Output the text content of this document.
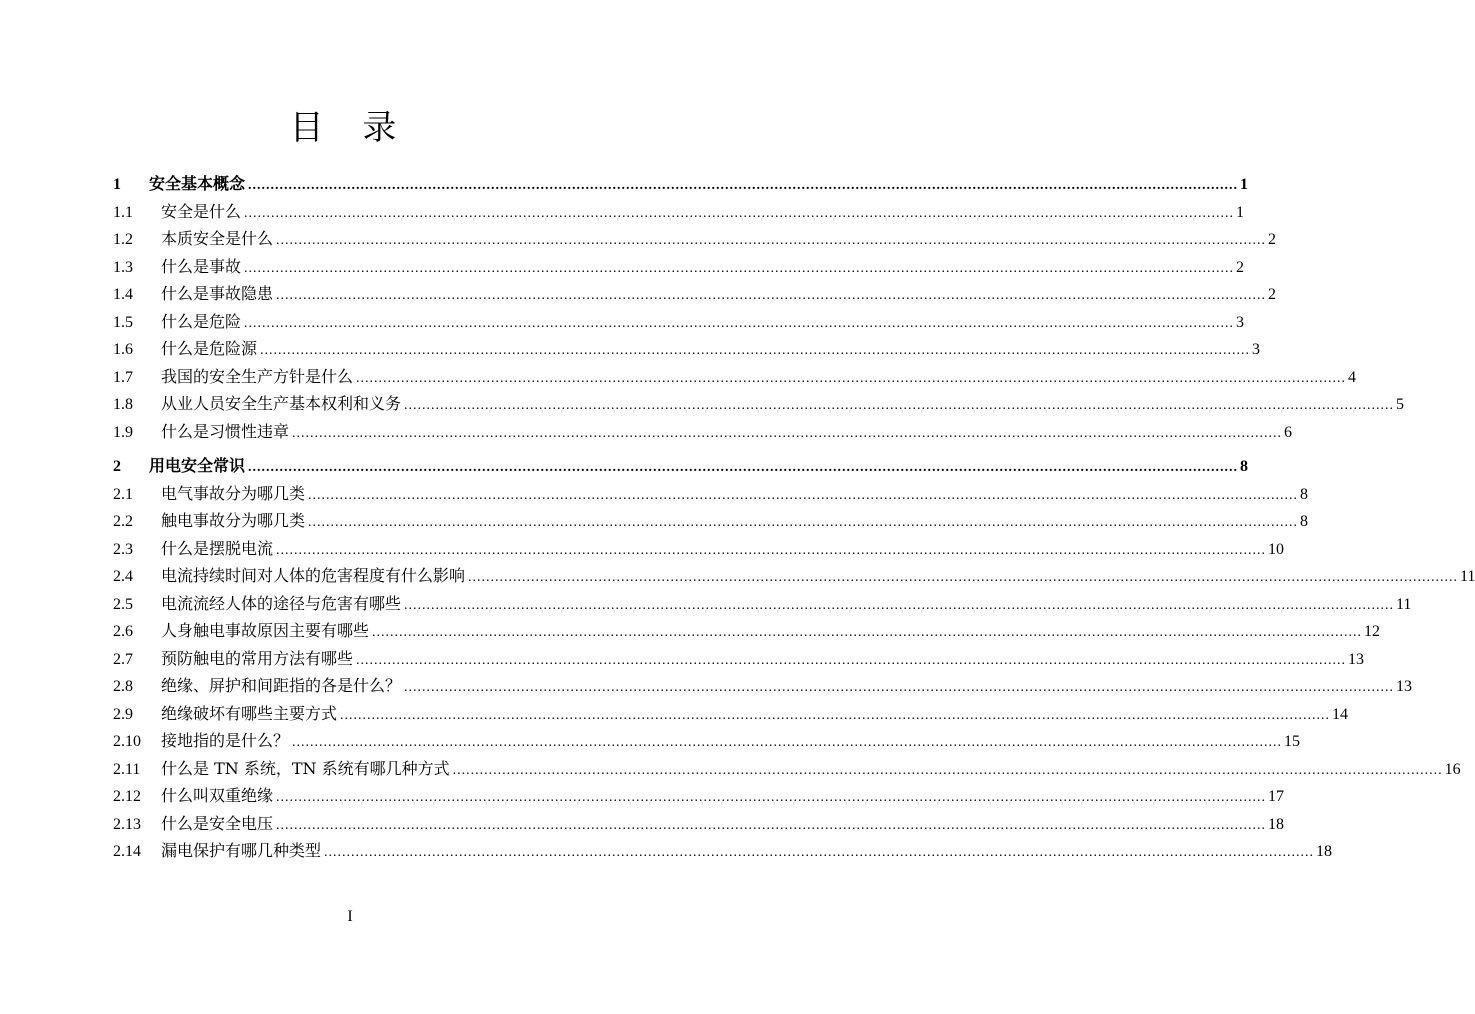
目 录
1	安全基本概念 ............................................................................................................................................................................................................................ 1
1.1	安全是什么 ............................................................................................................................................................................................................................ 1
1.2	本质安全是什么 ............................................................................................................................................................................................................................ 2
1.3	什么是事故 ............................................................................................................................................................................................................................ 2
1.4	什么是事故隐患 ............................................................................................................................................................................................................................ 2
1.5	什么是危险 ............................................................................................................................................................................................................................ 3
1.6	什么是危险源 ............................................................................................................................................................................................................................ 3
1.7	我国的安全生产方针是什么 ............................................................................................................................................................................................................................ 4
1.8	从业人员安全生产基本权利和义务 ............................................................................................................................................................................................................................ 5
1.9	什么是习惯性违章 ............................................................................................................................................................................................................................ 6
2	用电安全常识 ............................................................................................................................................................................................................................ 8
2.1	电气事故分为哪几类 ............................................................................................................................................................................................................................ 8
2.2	触电事故分为哪几类 ............................................................................................................................................................................................................................ 8
2.3	什么是摆脱电流 ............................................................................................................................................................................................................................ 10
2.4	电流持续时间对人体的危害程度有什么影响 ............................................................................................................................................................................................................................ 11
2.5	电流流经人体的途径与危害有哪些 ............................................................................................................................................................................................................................ 11
2.6	人身触电事故原因主要有哪些 ............................................................................................................................................................................................................................ 12
2.7	预防触电的常用方法有哪些 ............................................................................................................................................................................................................................ 13
2.8	绝缘、屏护和间距指的各是什么？ ............................................................................................................................................................................................................................ 13
2.9	绝缘破坏有哪些主要方式 ............................................................................................................................................................................................................................ 14
2.10	接地指的是什么？ ............................................................................................................................................................................................................................ 15
2.11	什么是 TN 系统，TN 系统有哪几种方式 ............................................................................................................................................................................................................................ 16
2.12	什么叫双重绝缘 ............................................................................................................................................................................................................................ 17
2.13	什么是安全电压 ............................................................................................................................................................................................................................ 18
2.14	漏电保护有哪几种类型 ............................................................................................................................................................................................................................ 18
I
